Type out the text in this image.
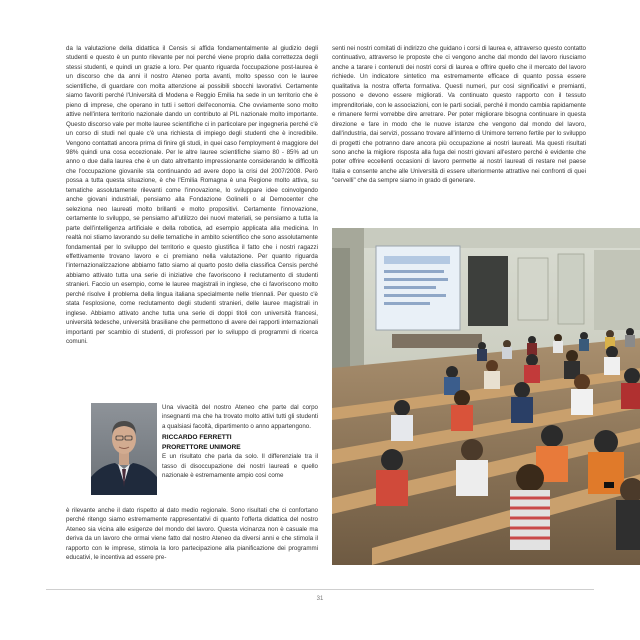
da la valutazione della didattica il Censis si affida fondamentalmente al giudizio degli studenti e questo è un punto rilevante per noi perché viene proprio dalla correttezza degli stessi studenti, e quindi un grazie a loro. Per quanto riguarda l'occupazione post-laurea è un discorso che da anni il nostro Ateneo porta avanti, molto spesso con le lauree scientifiche, di guardare con molta attenzione ai possibili sbocchi lavorativi. Certamente siamo favoriti perché l'Università di Modena e Reggio Emilia ha sede in un territorio che è pieno di imprese, che operano in tutti i settori dell'economia. Che ovviamente sono molto attive nell'intera territorio nazionale dando un contributo al PIL nazionale molto importante. Questo discorso vale per molte lauree scientifiche ci in particolare per ingegneria perché c'è un corso di studi nel quale c'è una richiesta di impiego degli studenti che è incredibile. Vengono contattati ancora prima di finire gli studi, in quei caso l'employment è maggiore del 98% quindi una cosa eccezionale. Per le altre lauree scientifiche siamo 80 - 85% ad un anno o due dalla laurea che è un dato altrettanto impressionante considerando le difficoltà che l'occupazione giovanile sta continuando ad avere dopo la crisi del 2007/2008. Però possa a tutta questa situazione, è che l'Emilia Romagna è una Regione molto attiva, su tematiche assolutamente rilevanti come l'innovazione, lo sviluppare idee coinvolgendo anche giovani industriali, pensiamo alla Fondazione Golinelli o al Democenter che seleziona neo laureati molto brillanti e molto propositivi. Certamente l'innovazione, certamente lo sviluppo, se pensiamo all'utilizzo dei nuovi materiali, se pensiamo a tutta la parte dell'intelligenza artificiale e della robotica, ad esempio applicata alla medicina. In realtà noi stiamo lavorando su delle tematiche in ambito scientifico che sono assolutamente fondamentali per lo sviluppo del territorio e questo giustifica il fatto che i nostri ragazzi effettivamente trovano lavoro e ci premiano nella valutazione. Per quanto riguarda l'internazionalizzazione abbiamo fatto siamo al quarto posto della classifica Censis perché abbiamo attivato tutta una serie di iniziative che favoriscono il reclutamento di studenti stranieri. Faccio un esempio, come le lauree magistrali in inglese, che ci favoriscono molto perché risolve il problema della lingua italiana specialmente nelle triennali. Per questo c'è stata l'esplosione, come reclutamento degli studenti stranieri, delle lauree magistrali in inglese. Abbiamo attivato anche tutta una serie di doppi titoli con università francesi, università tedesche, università brasiliane che permettono di avere dei rapporti internazionali importanti per scambio di studenti, di professori per lo sviluppo di programmi di ricerca comuni.

Una vivacità del nostro Ateneo che parte dal corpo insegnanti ma che ha trovato molto attivi tutti gli studenti a qualsiasi facoltà, dipartimento o anno appartengono.
RICCARDO FERRETTI
PRORETTORE UNIMORE
E un risultato che parla da solo. Il differenziale tra il tasso di disoccupazione dei nostri laureati e quello nazionale è estremamente ampio così come

è rilevante anche il dato rispetto al dato medio regionale. Sono risultati che ci confortano perché ritengo siamo estremamente rappresentativi di quanto l'offerta didattica del nostro Ateneo sia vicina alle esigenze del mondo del lavoro. Questa vicinanza non è casuale ma deriva da un lavoro che ormai viene fatto dal nostro Ateneo da diversi anni e che stimola il rapporto con le imprese, stimola la loro partecipazione alla pianificazione dei programmi educativi, le incentiva ad essere pre-

senti nei nostri comitati di indirizzo che guidano i corsi di laurea e, attraverso questo contatto continuativo, attraverso le proposte che ci vengono anche dal mondo del lavoro riusciamo anche a tarare i contenuti dei nostri corsi di laurea e offrire quello che il mercato del lavoro richiede. Un indicatore sintetico ma estremamente efficace di quanto possa essere qualitativa la nostra offerta formativa. Questi numeri, pur così significativi e premianti, possono e devono essere migliorati. Va continuato questo rapporto con il tessuto imprenditoriale, con le associazioni, con le parti sociali, perché il mondo cambia rapidamente e rimanere fermi vorrebbe dire arretrare. Per poter migliorare bisogna continuare in questa direzione e fare in modo che le nuove istanze che vengono dal mondo del lavoro, dall'industria, dai servizi, possano trovare all'interno di Unimore terreno fertile per lo sviluppo di progetti che potranno dare ancora più occupazione ai nostri laureati. Ma questi risultati sono anche la migliore risposta alla fuga dei nostri giovani all'estero perché è evidente che poter offrire eccellenti occasioni di lavoro permette ai nostri laureati di restare nel paese Italia e consente anche alle Università di essere ulteriormente attrattive nei confronti di quei "cervelli" che da sempre siamo in grado di generare.

31
